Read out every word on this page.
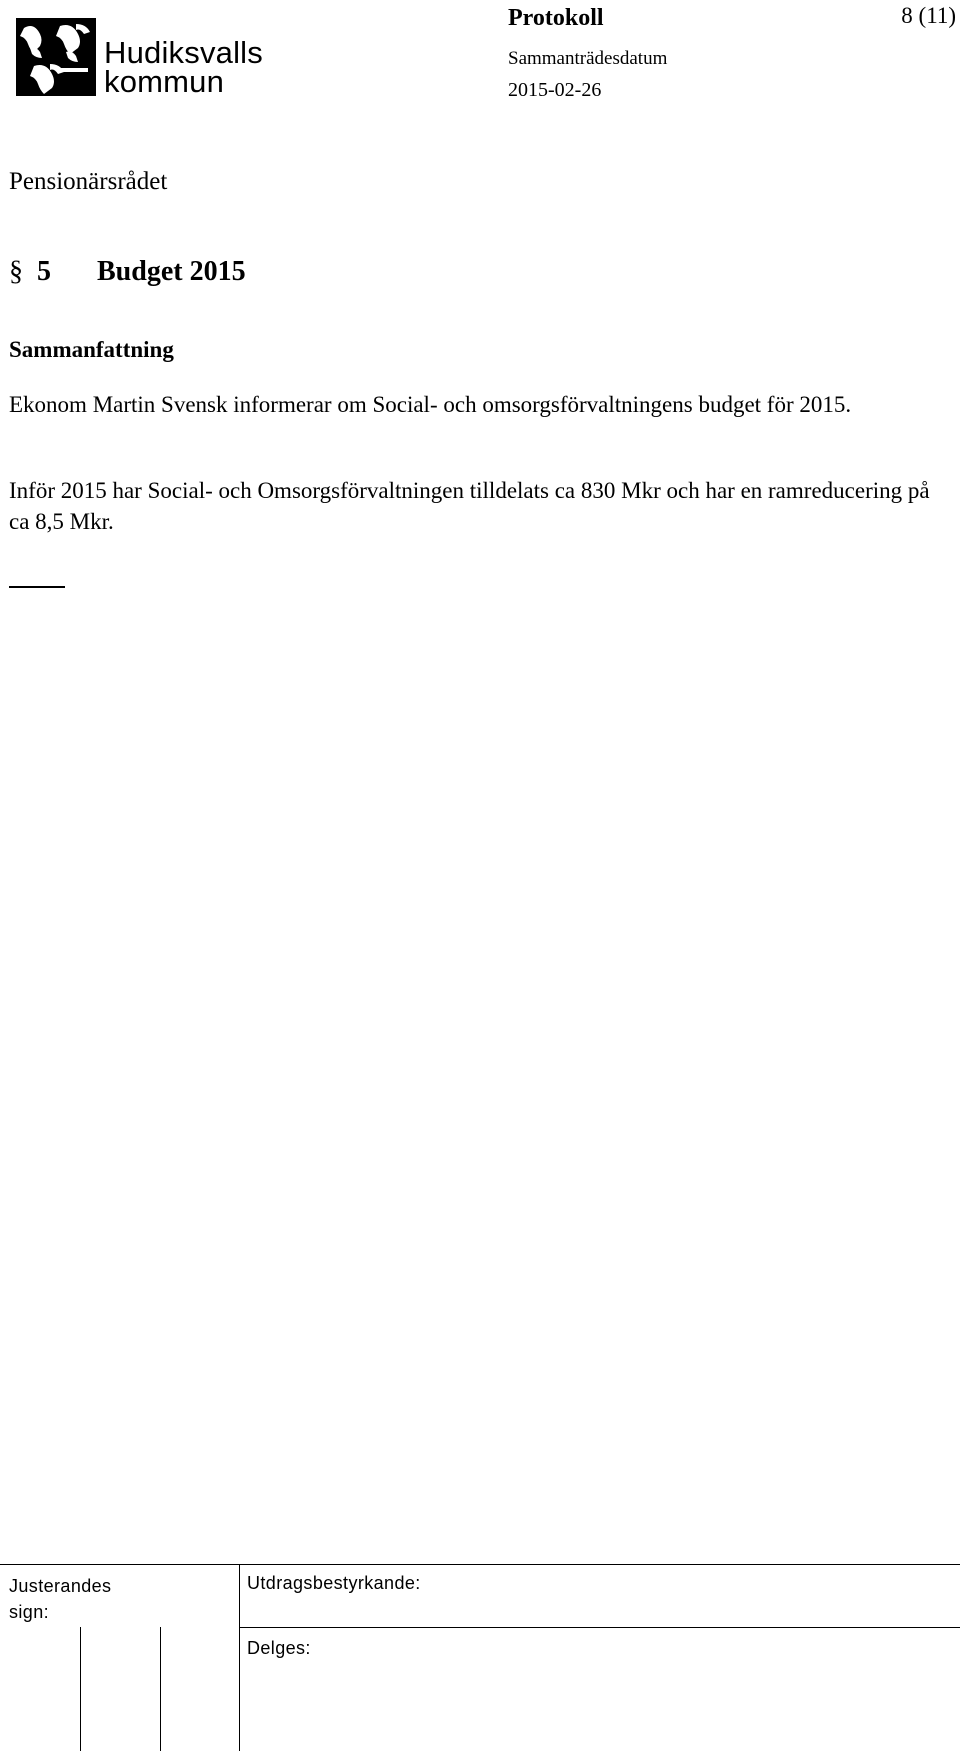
Hudiksvalls
kommun
Protokoll	8 (11)
Sammanträdesdatum
2015-02-26
Pensionärsrådet
§ 5 Budget 2015
Sammanfattning
Ekonom Martin Svensk informerar om Social- och omsorgsförvaltningens budget för 2015.
Inför 2015 har Social- och Omsorgsförvaltningen tilldelats ca 830 Mkr och har en ramreducering på ca 8,5 Mkr.
Justerandes
sign:
Utdragsbestyrkande:
Delges:
